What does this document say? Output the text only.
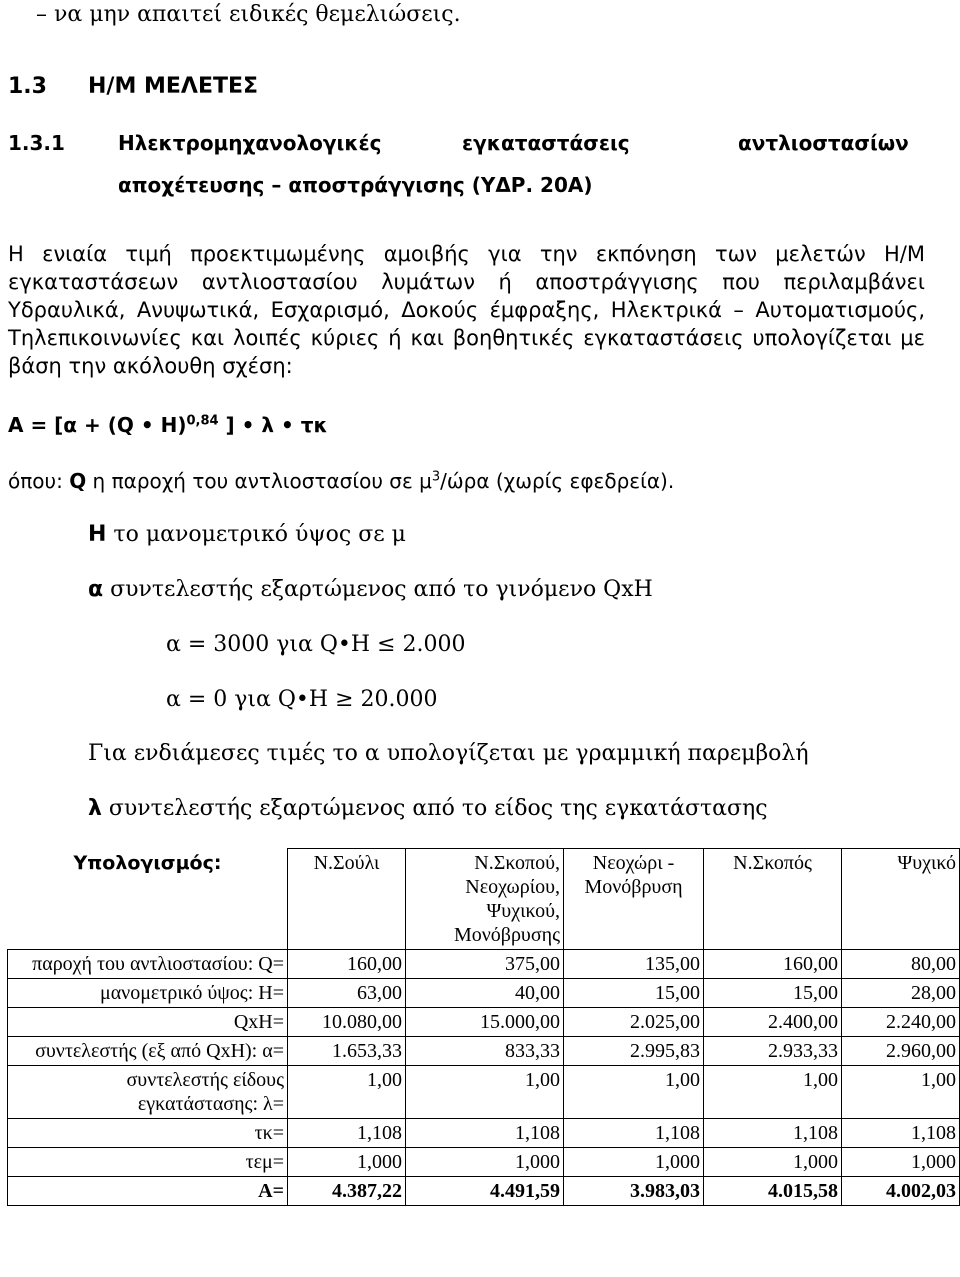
– να μην απαιτεί ειδικές θεμελιώσεις.
1.3 Η/Μ ΜΕΛΕΤΕΣ
1.3.1	Ηλεκτρομηχανολογικές	εγκαταστάσεις	αντλιοστασίων
αποχέτευσης – αποστράγγισης (ΥΔΡ. 20Α)
Η ενιαία τιμή προεκτιμωμένης αμοιβής για την εκπόνηση των μελετών Η/Μ εγκαταστάσεων αντλιοστασίου λυμάτων ή αποστράγγισης που περιλαμβάνει Υδραυλικά, Ανυψωτικά, Εσχαρισμό, Δοκούς έμφραξης, Ηλεκτρικά – Αυτοματισμούς, Τηλεπικοινωνίες και λοιπές κύριες ή και βοηθητικές εγκαταστάσεις υπολογίζεται με βάση την ακόλουθη σχέση:
Α = [α + (Q • H)$^{0,84}$ ] • λ • τκ
όπου: Q η παροχή του αντλιοστασίου σε $\mu^3$/ώρα (χωρίς εφεδρεία).
Η το μανομετρικό ύψος σε μ
α συντελεστής εξαρτώμενος από το γινόμενο QxH
α = 3000 για Q•H ≤ 2.000
α = 0 για Q•H ≥ 20.000
Για ενδιάμεσες τιμές το α υπολογίζεται με γραμμική παρεμβολή
λ συντελεστής εξαρτώμενος από το είδος της εγκατάστασης
Υπολογισμός:	Ν.Σούλι	Ν.Σκοπού, Νεοχωρίου, Ψυχικού, Μονόβρυσης	Νεοχώρι - Μονόβρυση	Ν.Σκοπός	Ψυχικό
παροχή του αντλιοστασίου: Q=	160,00	375,00	135,00	160,00	80,00
μανομετρικό ύψος: Η=	63,00	40,00	15,00	15,00	28,00
QxH=	10.080,00	15.000,00	2.025,00	2.400,00	2.240,00
συντελεστής (εξ από QxH): α=	1.653,33	833,33	2.995,83	2.933,33	2.960,00
συντελεστής είδους εγκατάστασης: λ=	1,00	1,00	1,00	1,00	1,00
τκ=	1,108	1,108	1,108	1,108	1,108
τεμ=	1,000	1,000	1,000	1,000	1,000
Α=	4.387,22	4.491,59	3.983,03	4.015,58	4.002,03
